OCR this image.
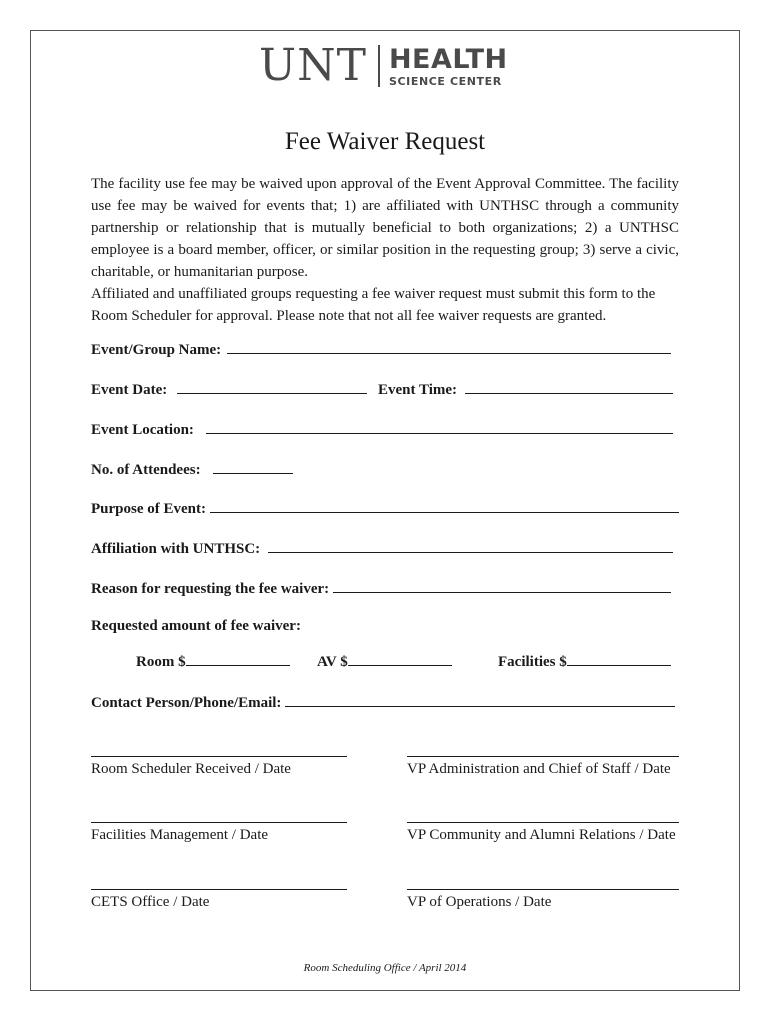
UNT HEALTH
SCIENCE CENTER
Fee Waiver Request
The facility use fee may be waived upon approval of the Event Approval Committee. The facility use fee may be waived for events that; 1) are affiliated with UNTHSC through a community partnership or relationship that is mutually beneficial to both organizations; 2) a UNTHSC employee is a board member, officer, or similar position in the requesting group; 3) serve a civic, charitable, or humanitarian purpose.
Affiliated and unaffiliated groups requesting a fee waiver request must submit this form to the Room Scheduler for approval. Please note that not all fee waiver requests are granted.
Event/Group Name:
Event Date:	Event Time:
Event Location:
No. of Attendees:
Purpose of Event:
Affiliation with UNTHSC:
Reason for requesting the fee waiver:
Requested amount of fee waiver:
Room $	AV $	Facilities $
Contact Person/Phone/Email:
Room Scheduler Received / Date	VP Administration and Chief of Staff / Date
Facilities Management / Date	VP Community and Alumni Relations / Date
CETS Office / Date	VP of Operations / Date
Room Scheduling Office / April 2014
